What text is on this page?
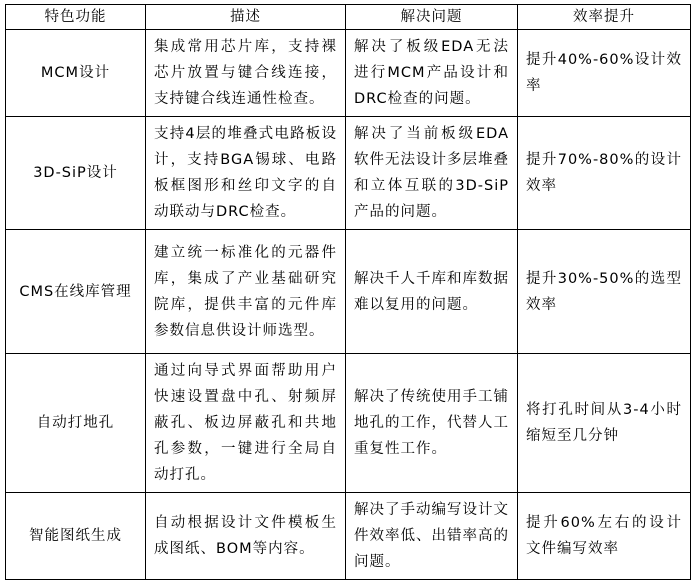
特色功能	描述	解决问题	效率提升
MCM设计	集成常用芯片库，支持裸芯片放置与键合线连接，支持键合线连通性检查。	解决了板级EDA无法进行MCM产品设计和DRC检查的问题。	提升40%-60%设计效率
3D-SiP设计	支持4层的堆叠式电路板设计，支持BGA锡球、电路板框图形和丝印文字的自动联动与DRC检查。	解决了当前板级EDA软件无法设计多层堆叠和立体互联的3D-SiP产品的问题。	提升70%-80%的设计效率
CMS在线库管理	建立统一标准化的元器件库，集成了产业基础研究院库，提供丰富的元件库参数信息供设计师选型。	解决千人千库和库数据难以复用的问题。	提升30%-50%的选型效率
自动打地孔	通过向导式界面帮助用户快速设置盘中孔、射频屏蔽孔、板边屏蔽孔和共地孔参数，一键进行全局自动打孔。	解决了传统使用手工铺地孔的工作，代替人工重复性工作。	将打孔时间从3-4小时缩短至几分钟
智能图纸生成	自动根据设计文件模板生成图纸、BOM等内容。	解决了手动编写设计文件效率低、出错率高的问题。	提升60%左右的设计文件编写效率
